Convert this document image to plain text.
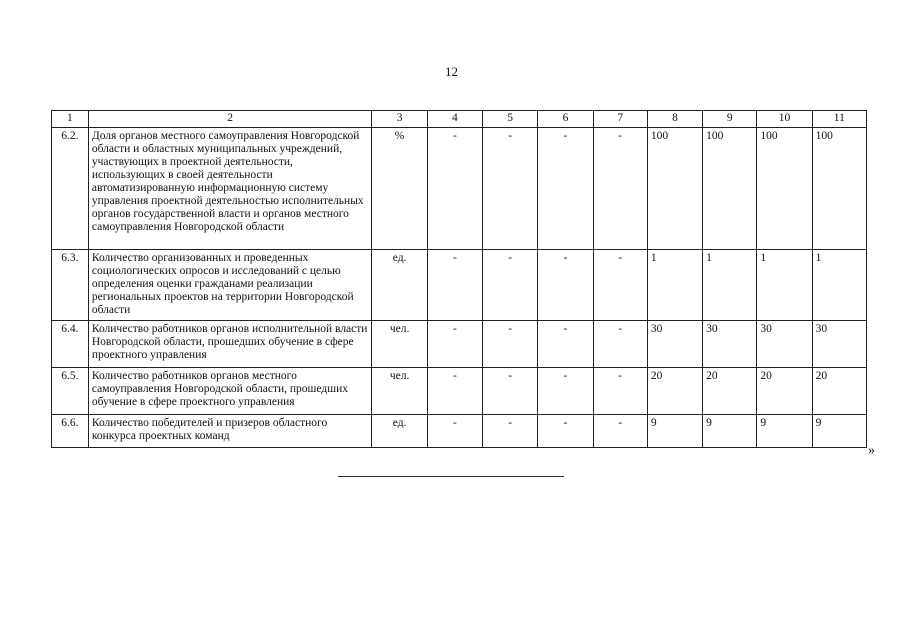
12
1	2	3	4	5	6	7	8	9	10	11
6.2.	Доля органов местного самоуправления Новгородской области и областных муниципальных учреждений, участвующих в проектной деятельности, использующих в своей деятельности автоматизированную информационную систему управления проектной деятельностью исполнительных органов государственной власти и органов местного самоуправления Новгородской области	%	-	-	-	-	100	100	100	100
6.3.	Количество организованных и проведенных социологических опросов и исследований с целью определения оценки гражданами реализации региональных проектов на территории Новгородской области	ед.	-	-	-	-	1	1	1	1
6.4.	Количество работников органов исполнительной власти Новгородской области, прошедших обучение в сфере проектного управления	чел.	-	-	-	-	30	30	30	30
6.5.	Количество работников органов местного самоуправления Новгородской области, прошедших обучение в сфере проектного управления	чел.	-	-	-	-	20	20	20	20
6.6.	Количество победителей и призеров областного конкурса проектных команд	ед.	-	-	-	-	9	9	9	9
»
